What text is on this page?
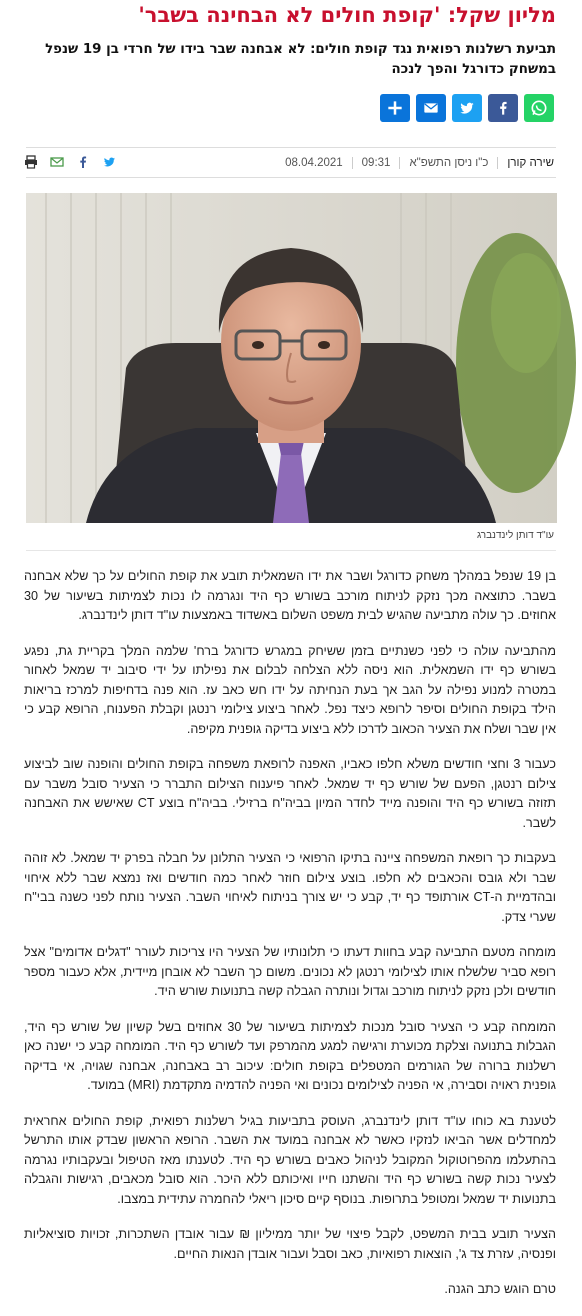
מליון שקל: 'קופת חולים לא הבחינה בשבר'
תביעת רשלנות רפואית נגד קופת חולים: לא אבחנה שבר בידו של חרדי בן 19 שנפל במשחק כדורגל והפך לנכה
שירה קורן
כ"ו ניסן התשפ"א
09:31
08.04.2021
עו"ד דותן לינדנברג

בן 19 שנפל במהלך משחק כדורגל ושבר את ידו השמאלית תובע את קופת החולים על כך שלא אבחנה בשבר. כתוצאה מכך נזקק לניתוח מורכב בשורש כף היד ונגרמה לו נכות לצמיתות בשיעור של 30 אחוזים. כך עולה מתביעה שהגיש לבית משפט השלום באשדוד באמצעות עו"ד דותן לינדנברג.

מהתביעה עולה כי לפני כשנתיים בזמן ששיחק במגרש כדורגל ברח' שלמה המלך בקריית גת, נפגע בשורש כף ידו השמאלית. הוא ניסה ללא הצלחה לבלום את נפילתו על ידי סיבוב יד שמאל לאחור במטרה למנוע נפילה על הגב אך בעת הנחיתה על ידו חש כאב עז. הוא פנה בדחיפות למרכז בריאות הילד בקופת החולים וסיפר לרופא כיצד נפל. לאחר ביצוע צילומי רנטגן וקבלת הפענוח, הרופא קבע כי אין שבר ושלח את הצעיר הכאוב לדרכו ללא ביצוע בדיקה גופנית מקיפה.

כעבור 3 וחצי חודשים משלא חלפו כאביו, האפנה לרופאת משפחה בקופת החולים והופנה שוב לביצוע צילום רנטגן, הפעם של שורש כף יד שמאל. לאחר פיענוח הצילום התברר כי הצעיר סובל משבר עם תזוזה בשורש כף היד והופנה מייד לחדר המיון בביה"ח ברזילי. בביה"ח בוצע CT שאישש את האבחנה לשבר.

בעקבות כך רופאת המשפחה ציינה בתיקו הרפואי כי הצעיר התלונן על חבלה בפרק יד שמאל. לא זוהה שבר ולא גובס והכאבים לא חלפו. בוצע צילום חוזר לאחר כמה חודשים ואז נמצא שבר ללא איחוי ובהדמיית ה-CT אורתופד כף יד, קבע כי יש צורך בניתוח לאיחוי השבר. הצעיר נותח לפני כשנה בבי"ח שערי צדק.

מומחה מטעם התביעה קבע בחוות דעתו כי תלונותיו של הצעיר היו צריכות לעורר "דגלים אדומים" אצל רופא סביר שלשלח אותו לצילומי רנטגן לא נכונים. משום כך השבר לא אובחן מיידית, אלא כעבור מספר חודשים ולכן נזקק לניתוח מורכב וגדול ונותרה הגבלה קשה בתנועות שורש היד.

המומחה קבע כי הצעיר סובל מנכות לצמיתות בשיעור של 30 אחוזים בשל קשיון של שורש כף היד, הגבלות בתנועה וצלקת מכוערת ורגישה למגע מהמרפק ועד לשורש כף היד. המומחה קבע כי ישנה כאן רשלנות ברורה של הגורמים המטפלים בקופת חולים: עיכוב רב באבחנה, אבחנה שגויה, אי בדיקה גופנית ראויה וסבירה, אי הפניה לצילומים נכונים ואי הפניה להדמיה מתקדמת (MRI) במועד.

לטענת בא כוחו עו"ד דותן לינדנברג, העוסק בתביעות בגיל רשלנות רפואית, קופת החולים אחראית למחדלים אשר הביאו לנזקיו כאשר לא אבחנה במועד את השבר. הרופא הראשון שבדק אותו התרשל בהתעלמו מהפרוטוקול המקובל לניהול כאבים בשורש כף היד. לטענתו מאז הטיפול ובעקבותיו נגרמה לצעיר נכות קשה בשורש כף היד והשתנו חייו ואיכותם ללא היכר. הוא סובל מכאבים, רגישות והגבלה בתנועות יד שמאל ומטופל בתרופות. בנוסף קיים סיכון ריאלי להחמרה עתידית במצבו.

הצעיר תובע בבית המשפט, לקבל פיצוי של יותר ממיליון ₪ עבור אובדן השתכרות, זכויות סוציאליות ופנסיה, עזרת צד ג', הוצאות רפואיות, כאב וסבל ועבור אובדן הנאות החיים.

טרם הוגש כתב הגנה.
